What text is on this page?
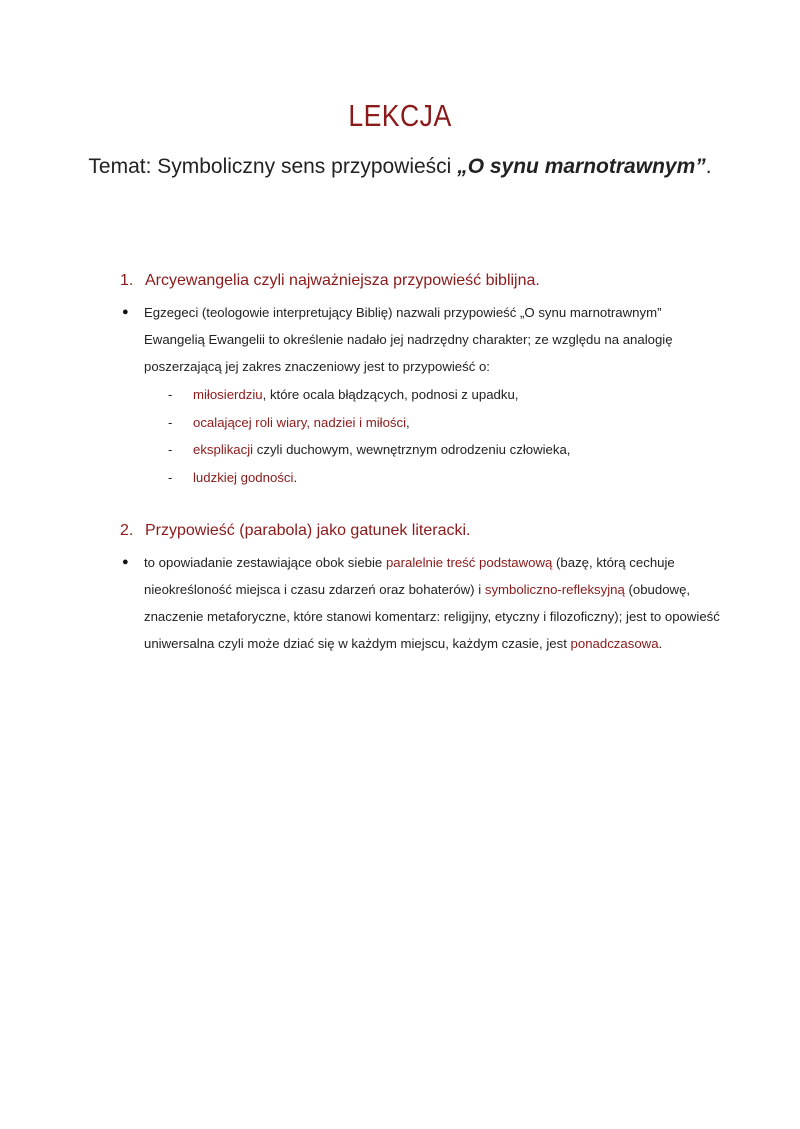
LEKCJA
Temat: Symboliczny sens przypowieści „O synu marnotrawnym”.
1. Arcyewangelia czyli najważniejsza przypowieść biblijna.
● Egzegeci (teologowie interpretujący Biblię) nazwali przypowieść „O synu marnotrawnym” Ewangelią Ewangelii to określenie nadało jej nadrzędny charakter; ze względu na analogię poszerzającą jej zakres znaczeniowy jest to przypowieść o:
- miłosierdziu, które ocala błądzących, podnosi z upadku,
- ocalającej roli wiary, nadziei i miłości,
- eksplikacji czyli duchowym, wewnętrznym odrodzeniu człowieka,
- ludzkiej godności.
2. Przypowieść (parabola) jako gatunek literacki.
● to opowiadanie zestawiające obok siebie paralelnie treść podstawową (bazę, którą cechuje nieokreśloność miejsca i czasu zdarzeń oraz bohaterów) i symboliczno-refleksyjną (obudowę, znaczenie metaforyczne, które stanowi komentarz: religijny, etyczny i filozoficzny); jest to opowieść uniwersalna czyli może dziać się w każdym miejscu, każdym czasie, jest ponadczasowa.
